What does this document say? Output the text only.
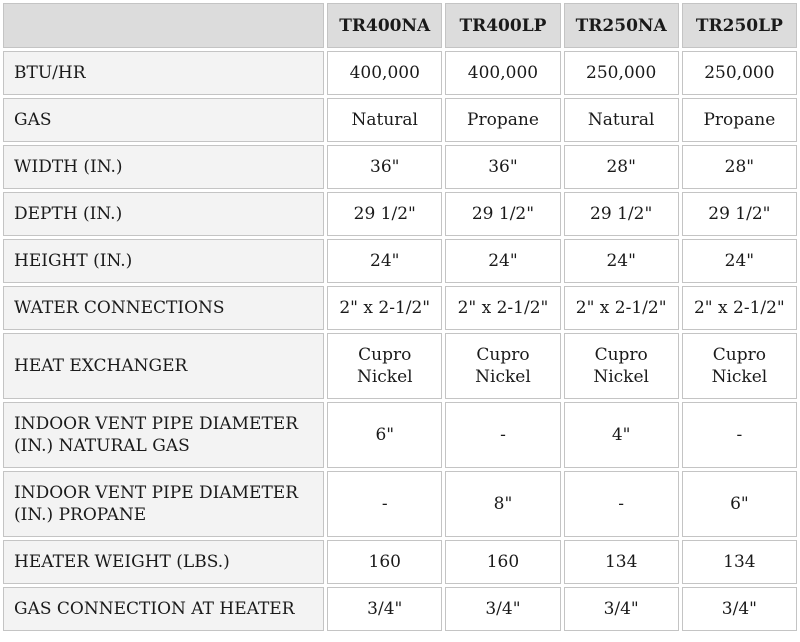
	TR400NA	TR400LP	TR250NA	TR250LP
BTU/HR	400,000	400,000	250,000	250,000
GAS	Natural	Propane	Natural	Propane
WIDTH (IN.)	36"	36"	28"	28"
DEPTH (IN.)	29 1/2"	29 1/2"	29 1/2"	29 1/2"
HEIGHT (IN.)	24"	24"	24"	24"
WATER CONNECTIONS	2" x 2-1/2"	2" x 2-1/2"	2" x 2-1/2"	2" x 2-1/2"
HEAT EXCHANGER	Cupro Nickel	Cupro Nickel	Cupro Nickel	Cupro Nickel
INDOOR VENT PIPE DIAMETER (IN.) NATURAL GAS	6"	-	4"	-
INDOOR VENT PIPE DIAMETER (IN.) PROPANE	-	8"	-	6"
HEATER WEIGHT (LBS.)	160	160	134	134
GAS CONNECTION AT HEATER	3/4"	3/4"	3/4"	3/4"
